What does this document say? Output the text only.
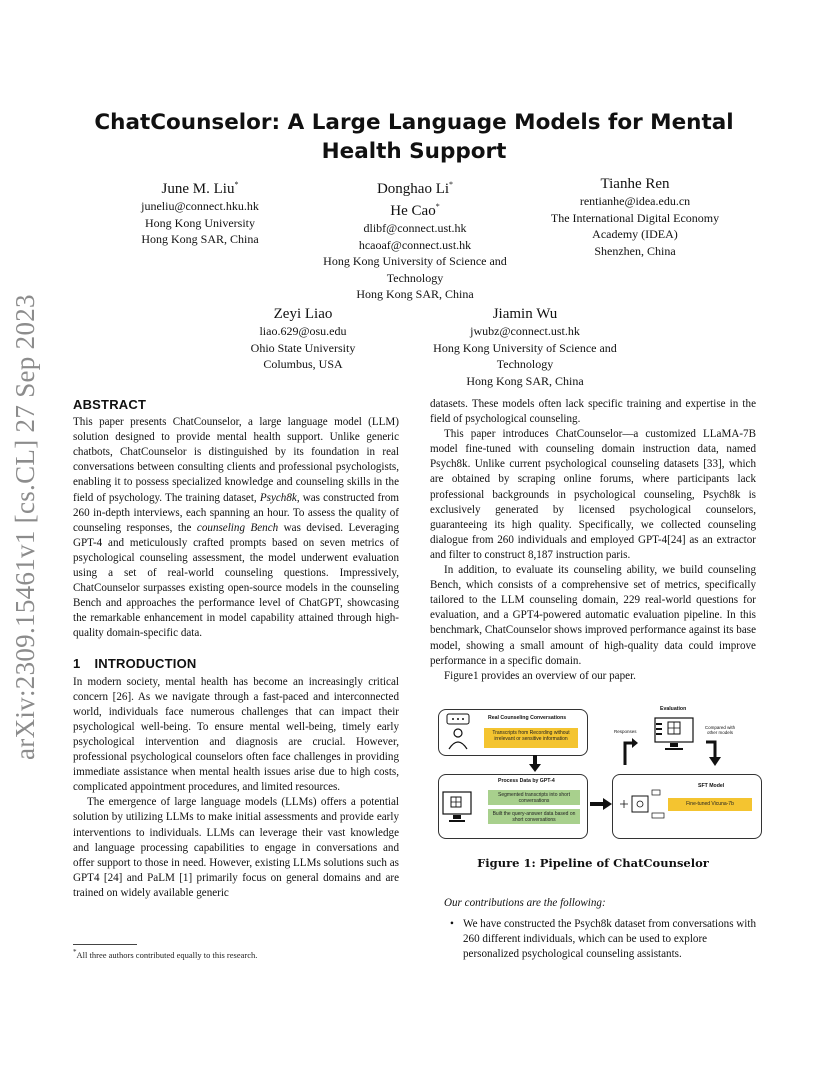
arXiv:2309.15461v1 [cs.CL] 27 Sep 2023
ChatCounselor: A Large Language Models for Mental Health Support
June M. Liu*
juneliu@connect.hku.hk
Hong Kong University
Hong Kong SAR, China
Donghao Li*
He Cao*
dlibf@connect.ust.hk
hcaoaf@connect.ust.hk
Hong Kong University of Science and
Technology
Hong Kong SAR, China
Tianhe Ren
rentianhe@idea.edu.cn
The International Digital Economy
Academy (IDEA)
Shenzhen, China
Zeyi Liao
liao.629@osu.edu
Ohio State University
Columbus, USA
Jiamin Wu
jwubz@connect.ust.hk
Hong Kong University of Science and
Technology
Hong Kong SAR, China
ABSTRACT

This paper presents ChatCounselor, a large language model (LLM) solution designed to provide mental health support. Unlike generic chatbots, ChatCounselor is distinguished by its foundation in real conversations between consulting clients and professional psychologists, enabling it to possess specialized knowledge and counseling skills in the field of psychology. The training dataset, Psych8k, was constructed from 260 in-depth interviews, each spanning an hour. To assess the quality of counseling responses, the counseling Bench was devised. Leveraging GPT-4 and meticulously crafted prompts based on seven metrics of psychological counseling assessment, the model underwent evaluation using a set of real-world counseling questions. Impressively, ChatCounselor surpasses existing open-source models in the counseling Bench and approaches the performance level of ChatGPT, showcasing the remarkable enhancement in model capability attained through high-quality domain-specific data.

1 INTRODUCTION

In modern society, mental health has become an increasingly critical concern [26]. As we navigate through a fast-paced and interconnected world, individuals face numerous challenges that can impact their psychological well-being. To ensure mental well-being, timely early psychological intervention and diagnosis are crucial. However, professional psychological counselors often face challenges in providing immediate assistance when mental health issues arise due to high costs, complicated appointment procedures, and limited resources.

The emergence of large language models (LLMs) offers a potential solution by utilizing LLMs to make initial assessments and provide early interventions to individuals. LLMs can leverage their vast knowledge and language processing capabilities to engage in conversations and offer support to those in need. However, existing LLMs solutions such as GPT4 [24] and PaLM [1] primarily focus on general domains and are trained on widely available generic

*All three authors contributed equally to this research.

datasets. These models often lack specific training and expertise in the field of psychological counseling.

This paper introduces ChatCounselor––a customized LLaMA-7B model fine-tuned with counseling domain instruction data, named Psych8k. Unlike current psychological counseling datasets [33], which are obtained by scraping online forums, where participants lack professional backgrounds in psychological counseling, Psych8k is exclusively generated by licensed psychological counselors, guaranteeing its high quality. Specifically, we collected counseling dialogue from 260 individuals and employed GPT-4[24] as an extractor and filter to construct 8,187 instruction paris.

In addition, to evaluate its counseling ability, we build counseling Bench, which consists of a comprehensive set of metrics, specifically tailored to the LLM counseling domain, 229 real-world questions for evaluation, and a GPT4-powered automatic evaluation pipeline. In this benchmark, ChatCounselor shows improved performance against its base model, showing a small amount of high-quality data could improve performance in a specific domain.

Figure1 provides an overview of our paper.

Real Counseling Conversations
Transcripts from Recording without irrelevant or sensitive information
Process Data by GPT-4
Segmented transcripts into short conversations
Built the query-answer data based on short conversations
Evaluation
Responses
Compared with other models
SFT Model
Fine-tuned Vicuna-7b
Figure 1: Pipeline of ChatCounselor
Our contributions are the following:
• We have constructed the Psych8k dataset from conversations with 260 different individuals, which can be used to explore personalized psychological counseling assistants.
